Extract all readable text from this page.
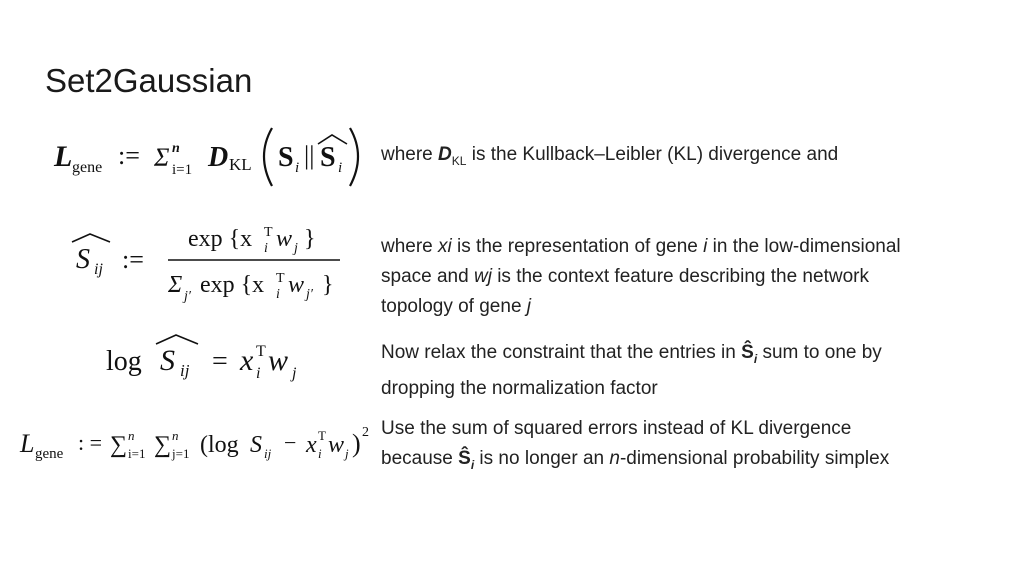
Set2Gaussian
L gene := Σ n
i=1 D KL S i || S i
S ij :=
exp {x T
i w j }
Σ j′ exp {x T
i w j′ }
log S ij = x T
i w j
L gene : = ∑ n
i=1 ∑ n
j=1 (log S ij − x T
i w j ) 2
where $D_{KL}$ is the Kullback–Leibler (KL) divergence and
where xi is the representation of gene i in the low-dimensional
space and wj is the context feature describing the network
topology of gene j
Now relax the constraint that the entries in $Ŝ_i$ sum to one by
dropping the normalization factor
Use the sum of squared errors instead of KL divergence
because $Ŝ_i$ is no longer an n-dimensional probability simplex
